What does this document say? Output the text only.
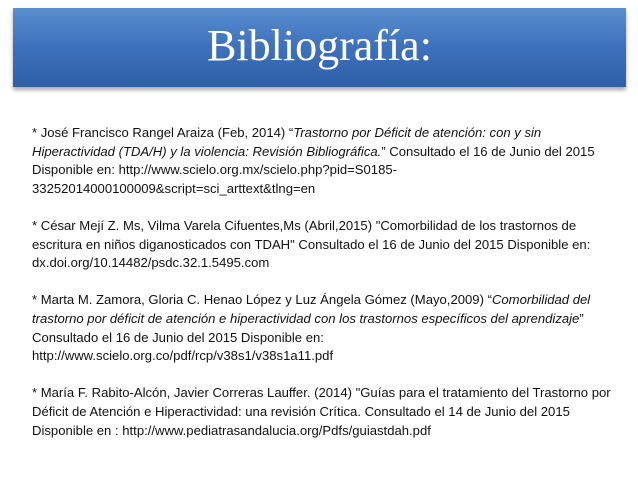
Bibliografía:

* José Francisco Rangel Araiza (Feb, 2014) “Trastorno por Déficit de atención: con y sin Hiperactividad (TDA/H) y la violencia: Revisión Bibliográfica.” Consultado el 16 de Junio del 2015 Disponible en: http://www.scielo.org.mx/scielo.php?pid=S0185-33252014000100009&script=sci_arttext&tlng=en

* César Mejí Z. Ms, Vilma Varela Cifuentes,Ms (Abril,2015) "Comorbilidad de los trastornos de escritura en niños diganosticados con TDAH" Consultado el 16 de Junio del 2015 Disponible en: dx.doi.org/10.14482/psdc.32.1.5495.com

* Marta M. Zamora, Gloria C. Henao López y Luz Ángela Gómez (Mayo,2009) “Comorbilidad del trastorno por déficit de atención e hiperactividad con los trastornos específicos del aprendizaje” Consultado el 16 de Junio del 2015 Disponible en: http://www.scielo.org.co/pdf/rcp/v38s1/v38s1a11.pdf

* María F. Rabito-Alcón, Javier Correras Lauffer. (2014) "Guías para el tratamiento del Trastorno por Déficit de Atención e Hiperactividad: una revisión Crítica. Consultado el 14 de Junio del 2015 Disponible en : http://www.pediatrasandalucia.org/Pdfs/guiastdah.pdf
